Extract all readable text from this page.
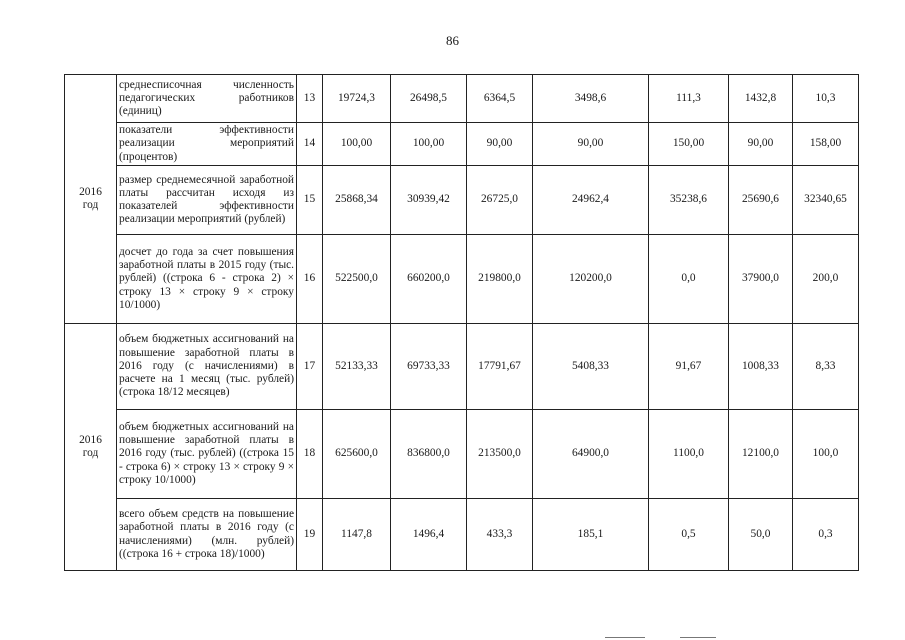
86
2016
год	среднесписочная численность педагогических работников (единиц)	13	19724,3	26498,5	6364,5	3498,6	111,3	1432,8	10,3
	показатели эффективности реализации мероприятий (процентов)	14	100,00	100,00	90,00	90,00	150,00	90,00	158,00
	размер среднемесячной заработной платы рассчитан исходя из показателей эффективности реализации мероприятий (рублей)	15	25868,34	30939,42	26725,0	24962,4	35238,6	25690,6	32340,65
	досчет до года за счет повышения заработной платы в 2015 году (тыс. рублей) ((строка 6 - строка 2) × строку 13 × строку 9 × строку 10/1000)	16	522500,0	660200,0	219800,0	120200,0	0,0	37900,0	200,0
2016
год	объем бюджетных ассигнований на повышение заработной платы в 2016 году (с начислениями) в расчете на 1 месяц (тыс. рублей) (строка 18/12 месяцев)	17	52133,33	69733,33	17791,67	5408,33	91,67	1008,33	8,33
	объем бюджетных ассигнований на повышение заработной платы в 2016 году (тыс. рублей) ((строка 15 - строка 6) × строку 13 × строку 9 × строку 10/1000)	18	625600,0	836800,0	213500,0	64900,0	1100,0	12100,0	100,0
	всего объем средств на повышение заработной платы в 2016 году (с начислениями) (млн. рублей) ((строка 16 + строка 18)/1000)	19	1147,8	1496,4	433,3	185,1	0,5	50,0	0,3
